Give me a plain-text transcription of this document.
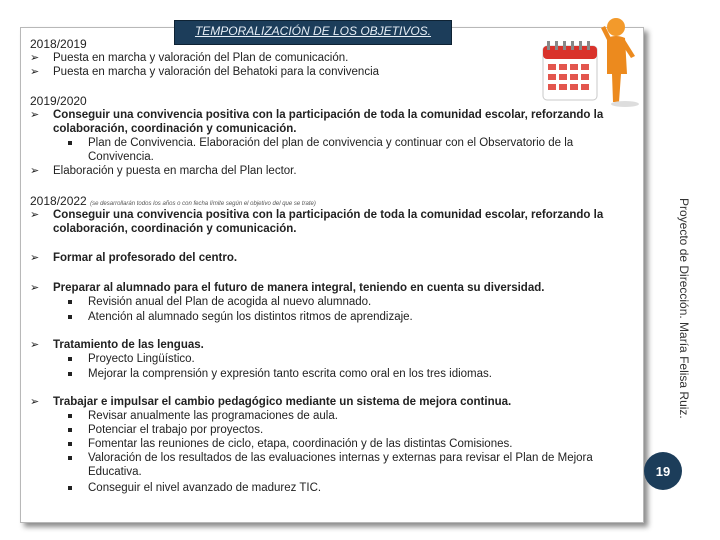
TEMPORALIZACIÓN DE LOS OBJETIVOS.
2018/2019
➢ Puesta en marcha y valoración del Plan de comunicación.
➢ Puesta en marcha y valoración del Behatoki para la convivencia
2019/2020
➢ Conseguir una convivencia positiva con la participación de toda la comunidad escolar, reforzando la
colaboración, coordinación y comunicación.
Plan de Convivencia. Elaboración del plan de convivencia y continuar con el Observatorio de la
Convivencia.
➢ Elaboración y puesta en marcha del Plan lector.
2018/2022 (se desarrollarán todos los años o con fecha límite según el objetivo del que se trate)
➢ Conseguir una convivencia positiva con la participación de toda la comunidad escolar, reforzando la
colaboración, coordinación y comunicación.
➢ Formar al profesorado del centro.
➢ Preparar al alumnado para el futuro de manera integral, teniendo en cuenta su diversidad.
Revisión anual del Plan de acogida al nuevo alumnado.
Atención al alumnado según los distintos ritmos de aprendizaje.
➢ Tratamiento de las lenguas.
Proyecto Lingüístico.
Mejorar la comprensión y expresión tanto escrita como oral en los tres idiomas.
➢ Trabajar e impulsar el cambio pedagógico mediante un sistema de mejora continua.
Revisar anualmente las programaciones de aula.
Potenciar el trabajo por proyectos.
Fomentar las reuniones de ciclo, etapa, coordinación y de las distintas Comisiones.
Valoración de los resultados de las evaluaciones internas y externas para revisar el Plan de Mejora
Educativa.
Conseguir el nivel avanzado de madurez TIC.
Proyecto de Dirección. María Felisa Ruiz.
19
